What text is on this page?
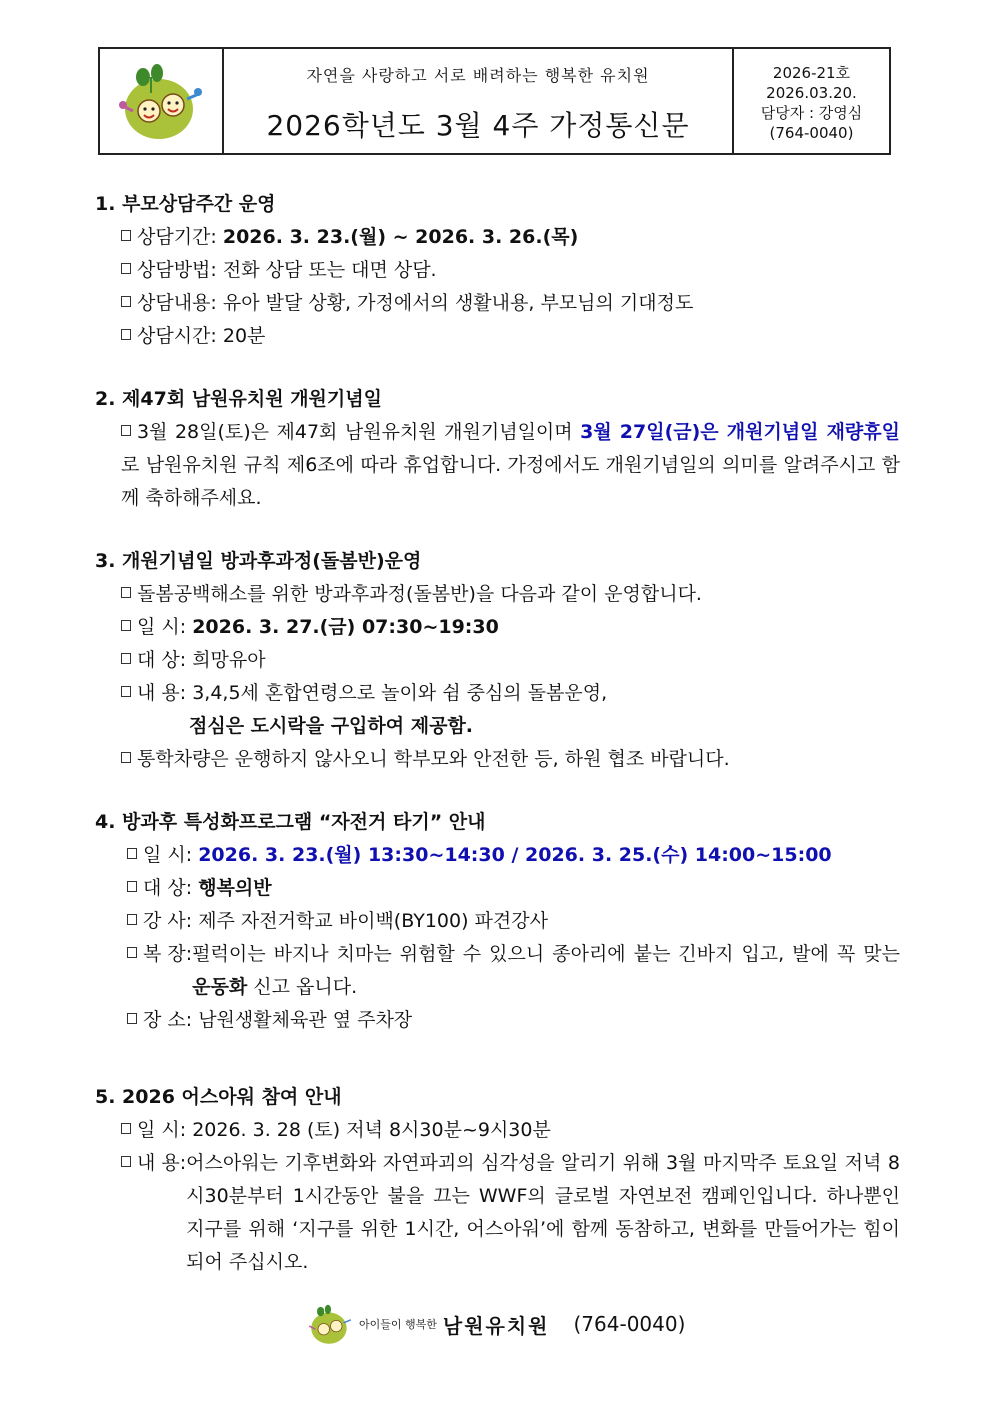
자연을 사랑하고 서로 배려하는 행복한 유치원
2026학년도 3월 4주 가정통신문
2026-21호
2026.03.20.
담당자 : 강영심
(764-0040)
1. 부모상담주간 운영
상담기간: 2026. 3. 23.(월) ~ 2026. 3. 26.(목)
상담방법: 전화 상담 또는 대면 상담.
상담내용: 유아 발달 상황, 가정에서의 생활내용, 부모님의 기대정도
상담시간: 20분
2. 제47회 남원유치원 개원기념일
3월 28일(토)은 제47회 남원유치원 개원기념일이며 3월 27일(금)은 개원기념일 재량휴일로 남원유치원 규칙 제6조에 따라 휴업합니다. 가정에서도 개원기념일의 의미를 알려주시고 함께 축하해주세요.
3. 개원기념일 방과후과정(돌봄반)운영
돌봄공백해소를 위한 방과후과정(돌봄반)을 다음과 같이 운영합니다.
일 시: 2026. 3. 27.(금) 07:30~19:30
대 상: 희망유아
내 용: 3,4,5세 혼합연령으로 놀이와 쉼 중심의 돌봄운영,
점심은 도시락을 구입하여 제공함.
통학차량은 운행하지 않사오니 학부모와 안전한 등, 하원 협조 바랍니다.
4. 방과후 특성화프로그램 “자전거 타기” 안내
일 시: 2026. 3. 23.(월) 13:30~14:30 / 2026. 3. 25.(수) 14:00~15:00
대 상: 행복의반
강 사: 제주 자전거학교 바이백(BY100) 파견강사
복 장: 펄럭이는 바지나 치마는 위험할 수 있으니 종아리에 붙는 긴바지 입고, 발에 꼭 맞는 운동화 신고 옵니다.
장 소: 남원생활체육관 옆 주차장
5. 2026 어스아워 참여 안내
일 시: 2026. 3. 28 (토) 저녁 8시30분~9시30분
내 용: 어스아워는 기후변화와 자연파괴의 심각성을 알리기 위해 3월 마지막주 토요일 저녁 8시30분부터 1시간동안 불을 끄는 WWF의 글로벌 자연보전 캠페인입니다. 하나뿐인 지구를 위해 ‘지구를 위한 1시간, 어스아워’에 함께 동참하고, 변화를 만들어가는 힘이 되어 주십시오.
아이들이 행복한 남원유치원 (764-0040)
